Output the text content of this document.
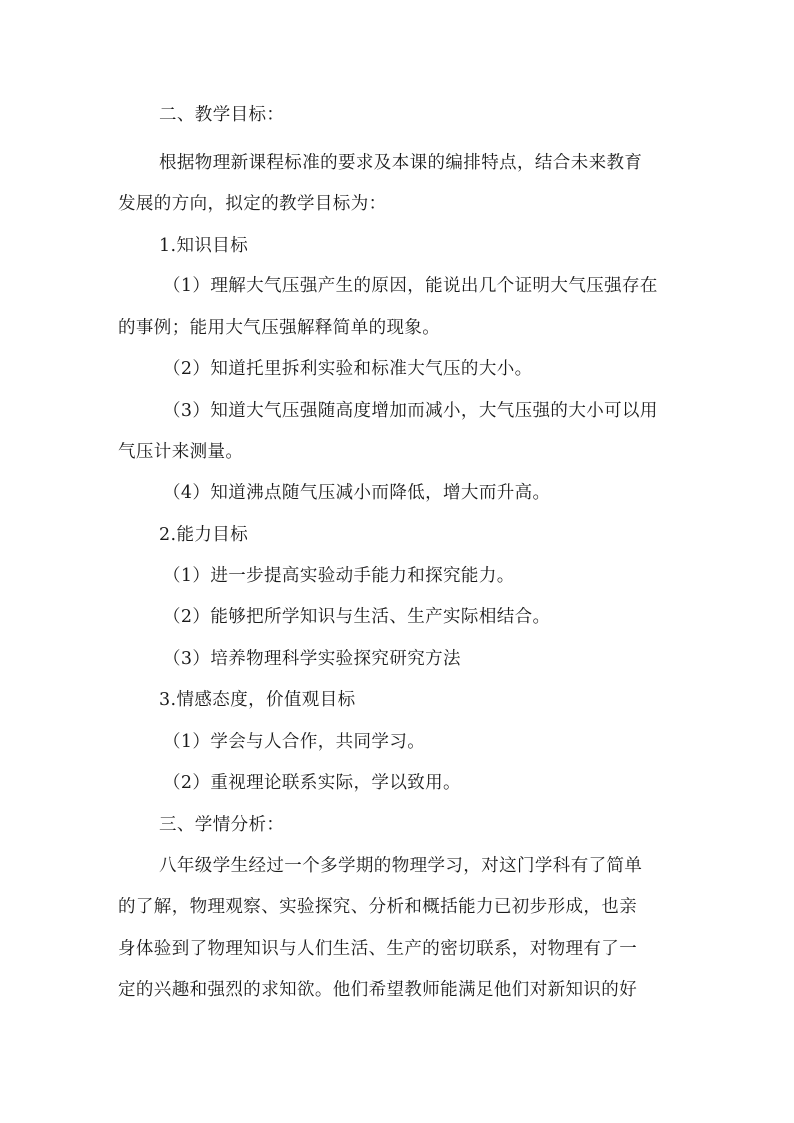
二、教学目标：
根据物理新课程标准的要求及本课的编排特点，结合未来教育
发展的方向，拟定的教学目标为：
1.知识目标
（1）理解大气压强产生的原因，能说出几个证明大气压强存在
的事例；能用大气压强解释简单的现象。
（2）知道托里拆利实验和标准大气压的大小。
（3）知道大气压强随高度增加而减小，大气压强的大小可以用
气压计来测量。
（4）知道沸点随气压减小而降低，增大而升高。
2.能力目标
（1）进一步提高实验动手能力和探究能力。
（2）能够把所学知识与生活、生产实际相结合。
（3）培养物理科学实验探究研究方法
3.情感态度，价值观目标
（1）学会与人合作，共同学习。
（2）重视理论联系实际，学以致用。
三、学情分析：
八年级学生经过一个多学期的物理学习，对这门学科有了简单
的了解，物理观察、实验探究、分析和概括能力已初步形成，也亲
身体验到了物理知识与人们生活、生产的密切联系，对物理有了一
定的兴趣和强烈的求知欲。他们希望教师能满足他们对新知识的好
